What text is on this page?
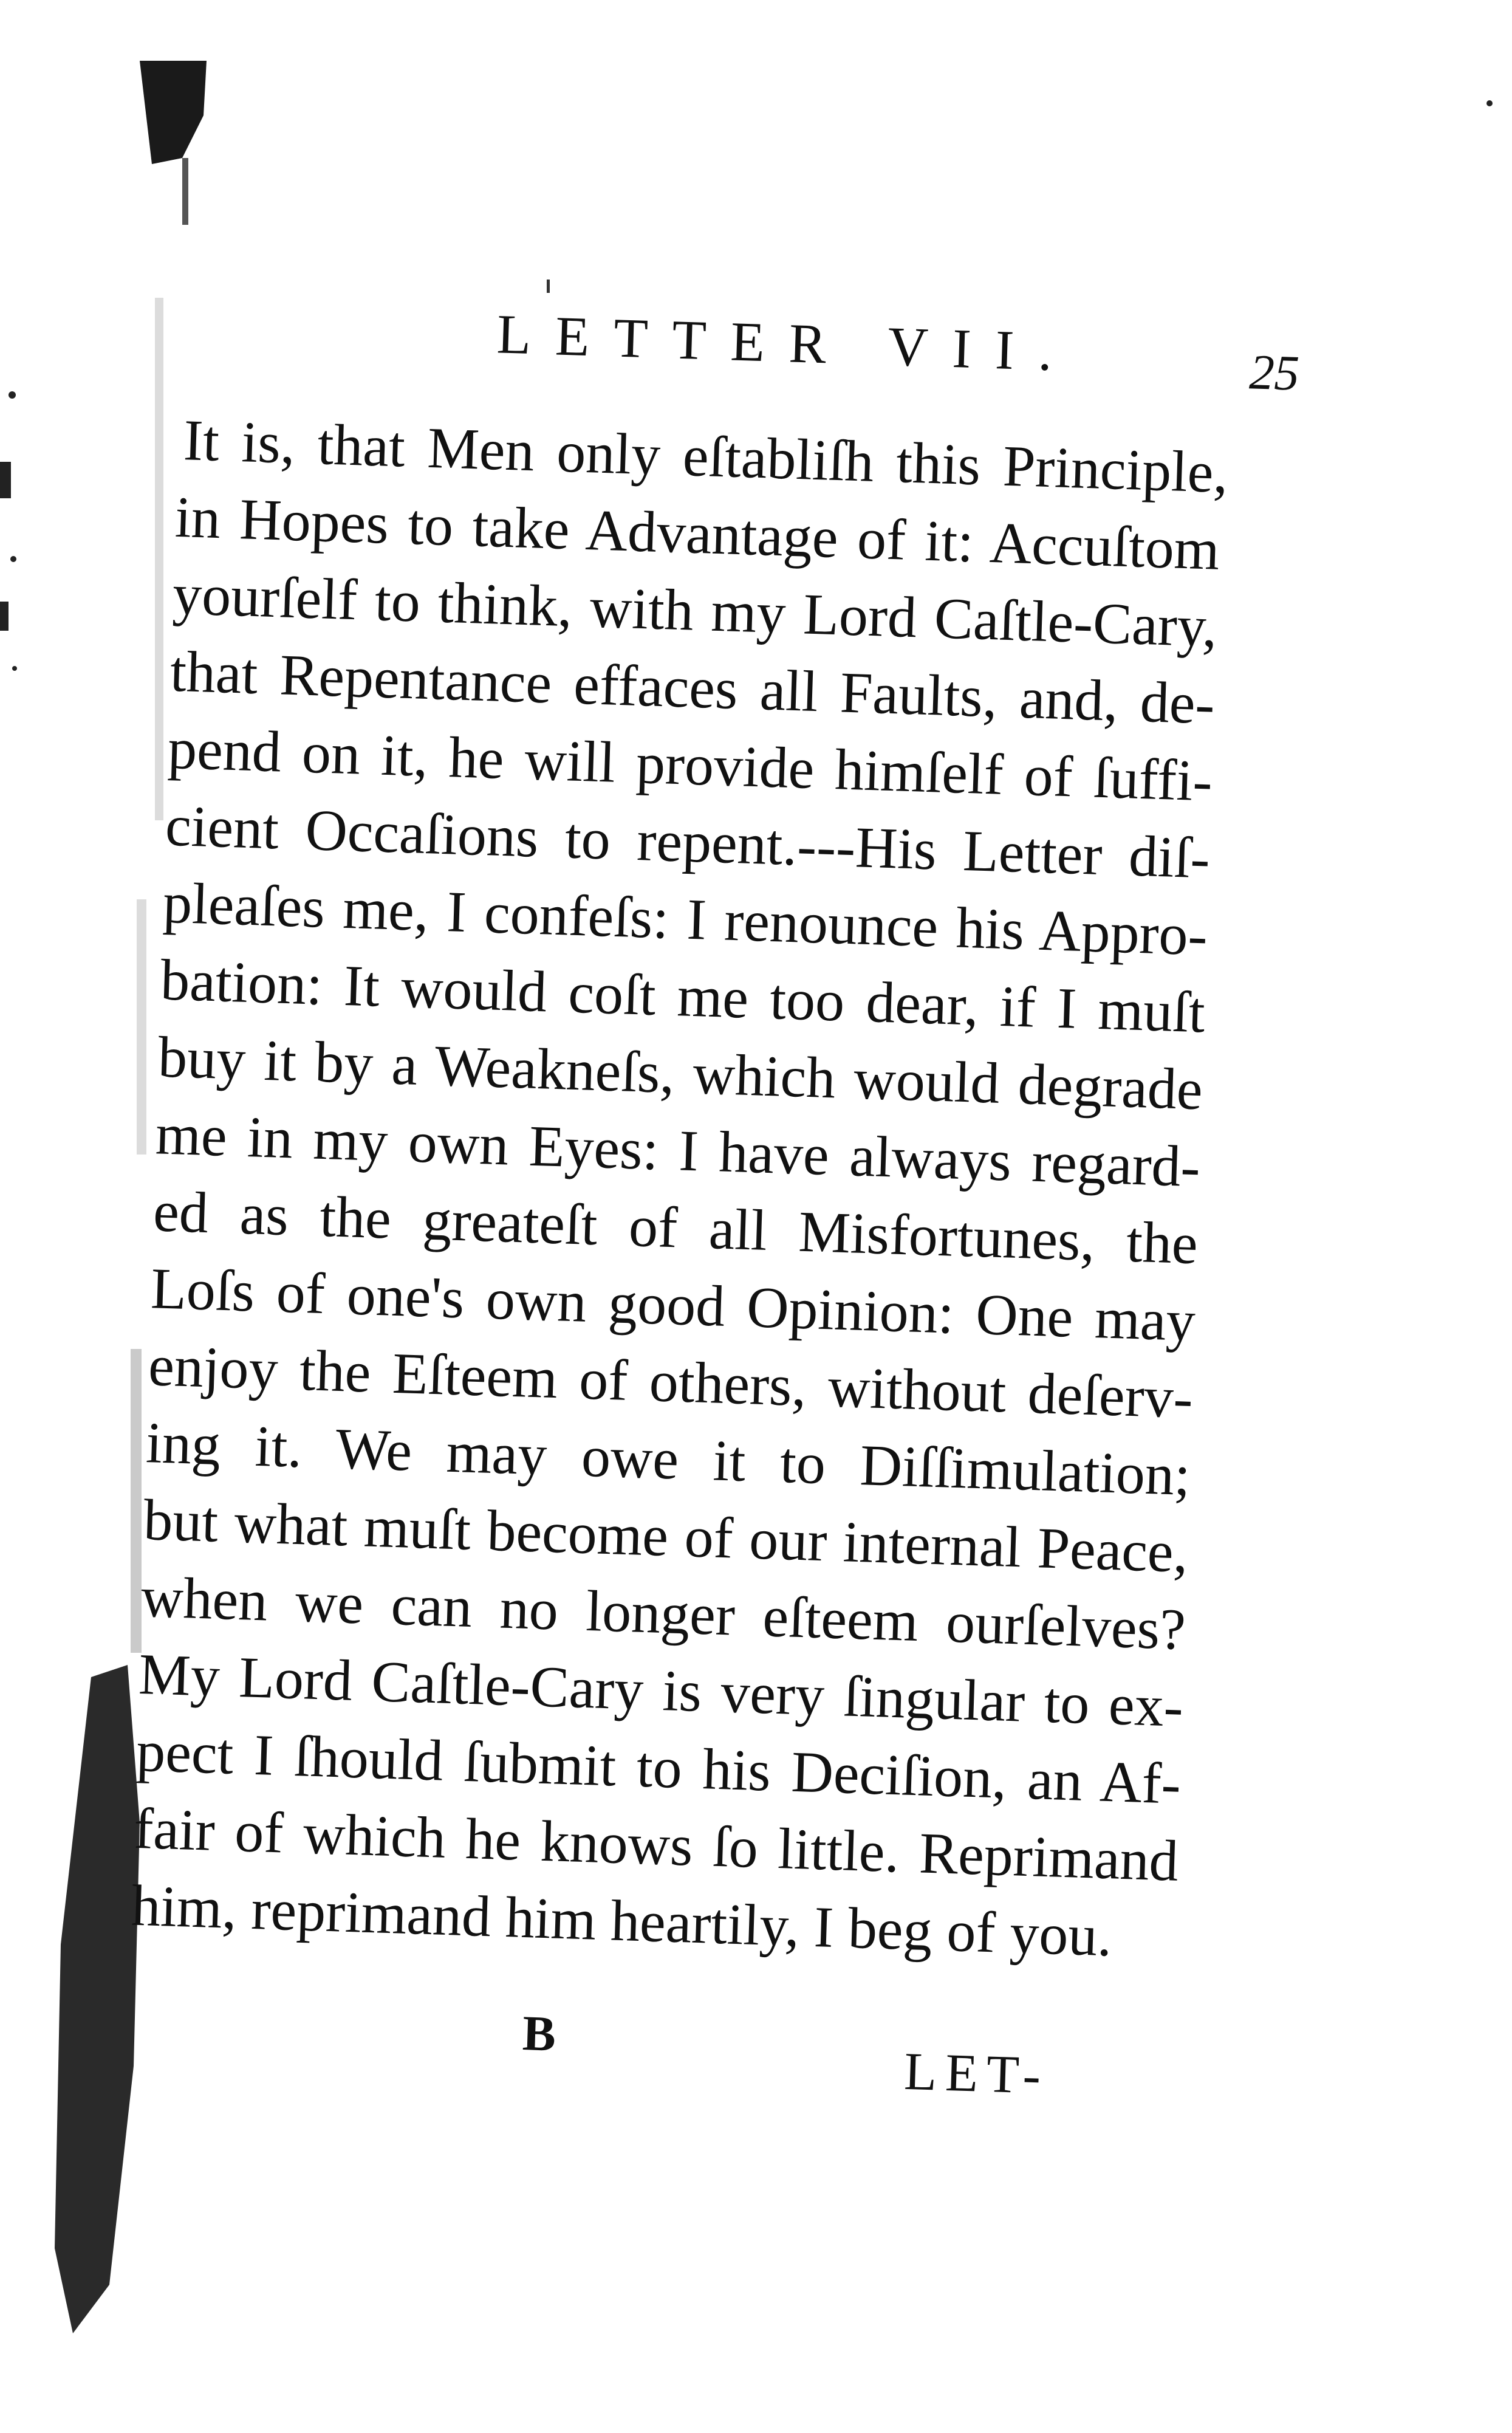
LETTER VII.	25
It is, that Men only eſtabliſh this Principle,
in Hopes to take Advantage of it: Accuſtom
yourſelf to think, with my Lord Caſtle-Cary,
that Repentance effaces all Faults, and, de-
pend on it, he will provide himſelf of ſuffi-
cient Occaſions to repent.---His Letter diſ-
pleaſes me, I confeſs: I renounce his Appro-
bation: It would coſt me too dear, if I muſt
buy it by a Weakneſs, which would degrade
me in my own Eyes: I have always regard-
ed as the greateſt of all Misfortunes, the
Loſs of one's own good Opinion: One may
enjoy the Eſteem of others, without deſerv-
ing it. We may owe it to Diſſimulation;
but what muſt become of our internal Peace,
when we can no longer eſteem ourſelves?
My Lord Caſtle-Cary is very ſingular to ex-
pect I ſhould ſubmit to his Deciſion, an Af-
fair of which he knows ſo little. Reprimand
him, reprimand him heartily, I beg of you.
B
LET-
